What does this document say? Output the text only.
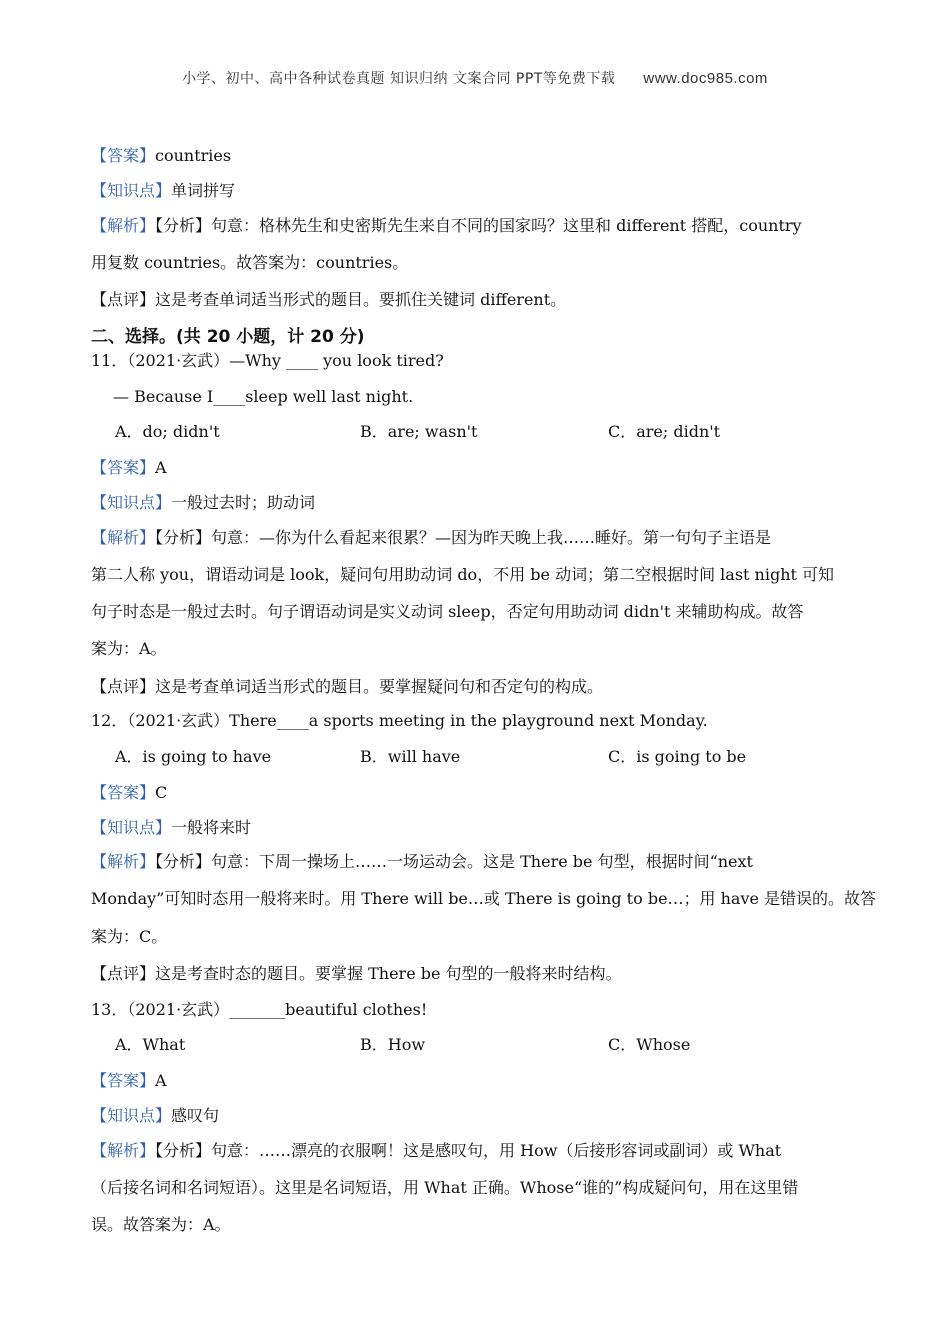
小学、初中、高中各种试卷真题 知识归纳 文案合同 PPT等免费下载 www.doc985.com
【答案】countries
【知识点】单词拼写
【解析】【分析】句意：格林先生和史密斯先生来自不同的国家吗？这里和 different 搭配，country
用复数 countries。故答案为：countries。
【点评】这是考查单词适当形式的题目。要抓住关键词 different。
二、选择。(共 20 小题，计 20 分)
11．（2021·玄武）—Why ____ you look tired?
— Because I____sleep well last night.
A．do; didn't	B．are; wasn't	C．are; didn't
【答案】A
【知识点】一般过去时；助动词
【解析】【分析】句意：—你为什么看起来很累？—因为昨天晚上我……睡好。第一句句子主语是
第二人称 you，谓语动词是 look，疑问句用助动词 do，不用 be 动词；第二空根据时间 last night 可知
句子时态是一般过去时。句子谓语动词是实义动词 sleep，否定句用助动词 didn't 来辅助构成。故答
案为：A。
【点评】这是考查单词适当形式的题目。要掌握疑问句和否定句的构成。
12．（2021·玄武）There____a sports meeting in the playground next Monday.
A．is going to have	B．will have	C．is going to be
【答案】C
【知识点】一般将来时
【解析】【分析】句意：下周一操场上……一场运动会。这是 There be 句型，根据时间“next
Monday”可知时态用一般将来时。用 There will be…或 There is going to be…；用 have 是错误的。故答
案为：C。
【点评】这是考查时态的题目。要掌握 There be 句型的一般将来时结构。
13．（2021·玄武）_______beautiful clothes!
A．What	B．How	C．Whose
【答案】A
【知识点】感叹句
【解析】【分析】句意：……漂亮的衣服啊！这是感叹句，用 How（后接形容词或副词）或 What
（后接名词和名词短语）。这里是名词短语，用 What 正确。Whose“谁的”构成疑问句，用在这里错
误。故答案为：A。
